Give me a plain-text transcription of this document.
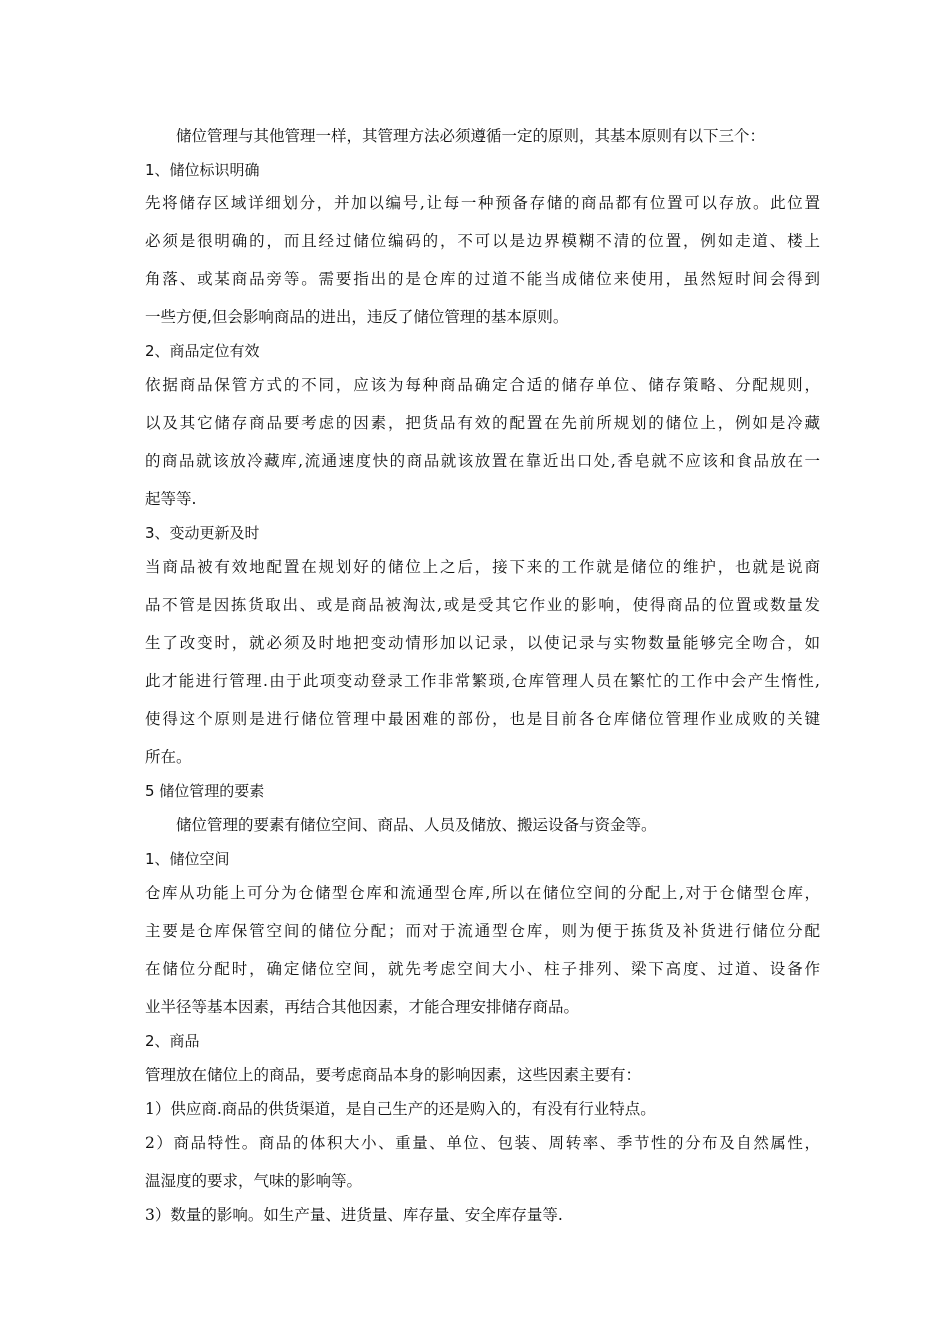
储位管理与其他管理一样，其管理方法必须遵循一定的原则，其基本原则有以下三个：
1、储位标识明确
先将储存区域详细划分，并加以编号,让每一种预备存储的商品都有位置可以存放。此位置
必须是很明确的，而且经过储位编码的，不可以是边界模糊不清的位置，例如走道、楼上
角落、或某商品旁等。需要指出的是仓库的过道不能当成储位来使用，虽然短时间会得到
一些方便,但会影响商品的进出，违反了储位管理的基本原则。
2、商品定位有效
依据商品保管方式的不同，应该为每种商品确定合适的储存单位、储存策略、分配规则，
以及其它储存商品要考虑的因素，把货品有效的配置在先前所规划的储位上，例如是冷藏
的商品就该放冷藏库,流通速度快的商品就该放置在靠近出口处,香皂就不应该和食品放在一
起等等.
3、变动更新及时
当商品被有效地配置在规划好的储位上之后，接下来的工作就是储位的维护，也就是说商
品不管是因拣货取出、或是商品被淘汰,或是受其它作业的影响，使得商品的位置或数量发
生了改变时，就必须及时地把变动情形加以记录，以使记录与实物数量能够完全吻合，如
此才能进行管理.由于此项变动登录工作非常繁琐,仓库管理人员在繁忙的工作中会产生惰性,
使得这个原则是进行储位管理中最困难的部份，也是目前各仓库储位管理作业成败的关键
所在。
5 储位管理的要素
储位管理的要素有储位空间、商品、人员及储放、搬运设备与资金等。
1、储位空间
仓库从功能上可分为仓储型仓库和流通型仓库,所以在储位空间的分配上,对于仓储型仓库，
主要是仓库保管空间的储位分配；而对于流通型仓库，则为便于拣货及补货进行储位分配
在储位分配时，确定储位空间，就先考虑空间大小、柱子排列、梁下高度、过道、设备作
业半径等基本因素，再结合其他因素，才能合理安排储存商品。
2、商品
管理放在储位上的商品，要考虑商品本身的影响因素，这些因素主要有：
1）供应商.商品的供货渠道，是自己生产的还是购入的，有没有行业特点。
2）商品特性。商品的体积大小、重量、单位、包装、周转率、季节性的分布及自然属性，
温湿度的要求，气味的影响等。
3）数量的影响。如生产量、进货量、库存量、安全库存量等.
